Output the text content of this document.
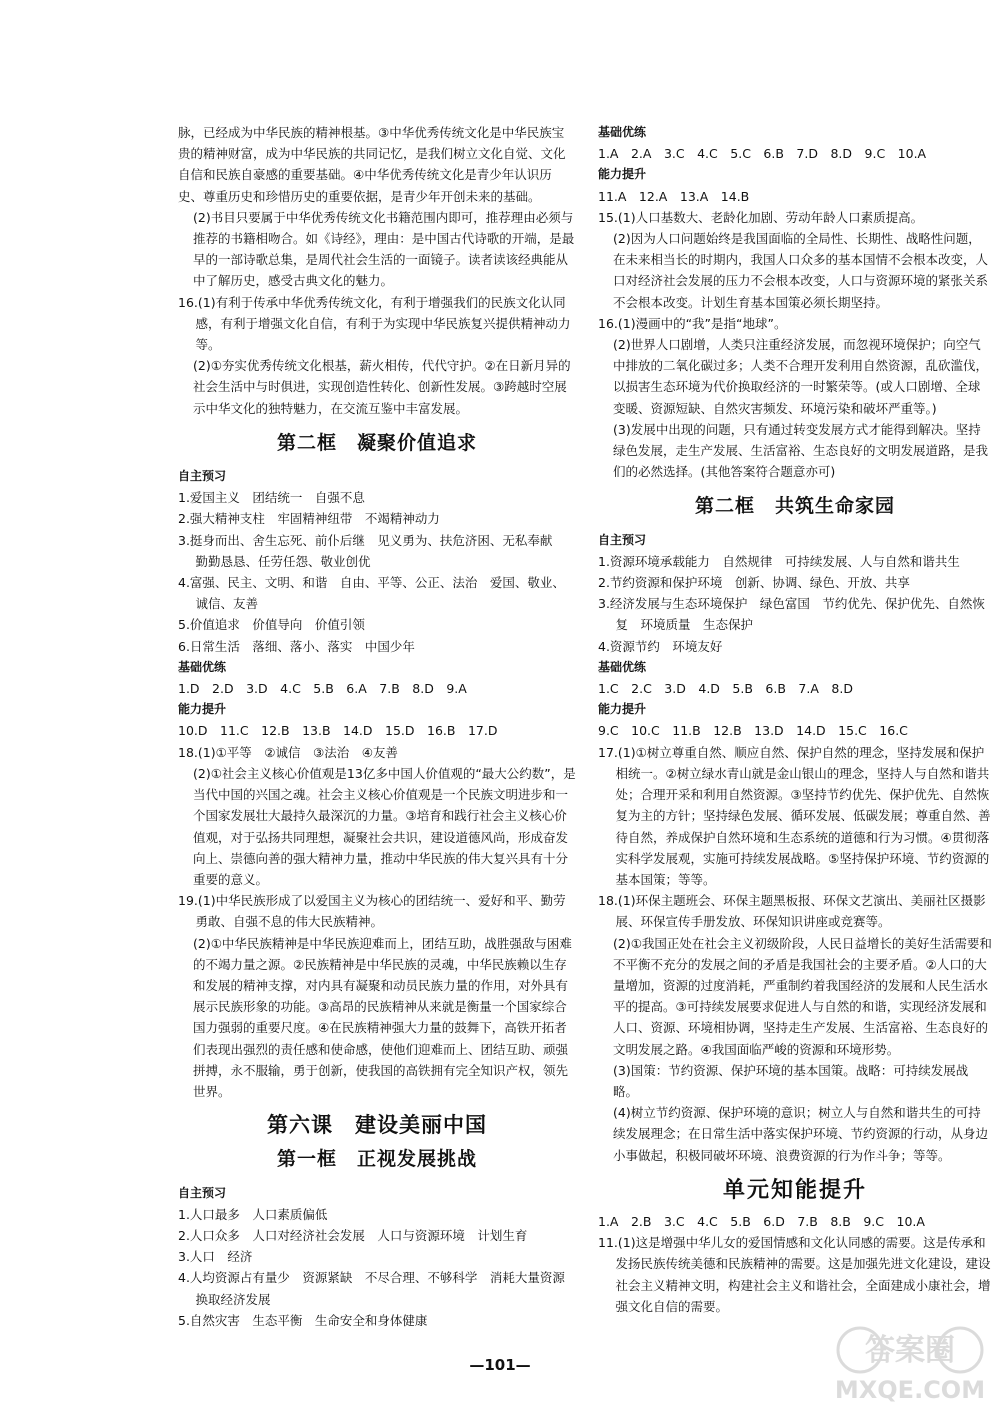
脉，已经成为中华民族的精神根基。③中华优秀传统文化是中华民族宝贵的精神财富，成为中华民族的共同记忆，是我们树立文化自觉、文化自信和民族自豪感的重要基础。④中华优秀传统文化是青少年认识历史、尊重历史和珍惜历史的重要依据，是青少年开创未来的基础。
(2)书目只要属于中华优秀传统文化书籍范围内即可，推荐理由必须与推荐的书籍相吻合。如《诗经》，理由：是中国古代诗歌的开端，是最早的一部诗歌总集，是周代社会生活的一面镜子。读者读该经典能从中了解历史，感受古典文化的魅力。
16.(1)有利于传承中华优秀传统文化，有利于增强我们的民族文化认同感，有利于增强文化自信，有利于为实现中华民族复兴提供精神动力等。
(2)①夯实优秀传统文化根基，薪火相传，代代守护。②在日新月异的社会生活中与时俱进，实现创造性转化、创新性发展。③跨越时空展示中华文化的独特魅力，在交流互鉴中丰富发展。
第二框　凝聚价值追求
自主预习
1.爱国主义　团结统一　自强不息
2.强大精神支柱　牢固精神纽带　不竭精神动力
3.挺身而出、舍生忘死、前仆后继　见义勇为、扶危济困、无私奉献　勤勤恳恳、任劳任怨、敬业创优
4.富强、民主、文明、和谐　自由、平等、公正、法治　爱国、敬业、诚信、友善
5.价值追求　价值导向　价值引领
6.日常生活　落细、落小、落实　中国少年
基础优练
1.D　2.D　3.D　4.C　5.B　6.A　7.B　8.D　9.A
能力提升
10.D　11.C　12.B　13.B　14.D　15.D　16.B　17.D
18.(1)①平等　②诚信　③法治　④友善
(2)①社会主义核心价值观是13亿多中国人价值观的“最大公约数”，是当代中国的兴国之魂。社会主义核心价值观是一个民族文明进步和一个国家发展壮大最持久最深沉的力量。③培育和践行社会主义核心价值观，对于弘扬共同理想，凝聚社会共识，建设道德风尚，形成奋发向上、崇德向善的强大精神力量，推动中华民族的伟大复兴具有十分重要的意义。
19.(1)中华民族形成了以爱国主义为核心的团结统一、爱好和平、勤劳勇敢、自强不息的伟大民族精神。
(2)①中华民族精神是中华民族迎难而上，团结互助，战胜强敌与困难的不竭力量之源。②民族精神是中华民族的灵魂，中华民族赖以生存和发展的精神支撑，对内具有凝聚和动员民族力量的作用，对外具有展示民族形象的功能。③高昂的民族精神从来就是衡量一个国家综合国力强弱的重要尺度。④在民族精神强大力量的鼓舞下，高铁开拓者们表现出强烈的责任感和使命感，使他们迎难而上、团结互助、顽强拼搏，永不服输，勇于创新，使我国的高铁拥有完全知识产权，领先世界。
第六课　建设美丽中国
第一框　正视发展挑战
自主预习
1.人口最多　人口素质偏低
2.人口众多　人口对经济社会发展　人口与资源环境　计划生育
3.人口　经济
4.人均资源占有量少　资源紧缺　不尽合理、不够科学　消耗大量资源换取经济发展
5.自然灾害　生态平衡　生命安全和身体健康
基础优练
1.A　2.A　3.C　4.C　5.C　6.B　7.D　8.D　9.C　10.A
能力提升
11.A　12.A　13.A　14.B
15.(1)人口基数大、老龄化加剧、劳动年龄人口素质提高。
(2)因为人口问题始终是我国面临的全局性、长期性、战略性问题，在未来相当长的时期内，我国人口众多的基本国情不会根本改变，人口对经济社会发展的压力不会根本改变，人口与资源环境的紧张关系不会根本改变。计划生育基本国策必须长期坚持。
16.(1)漫画中的“我”是指“地球”。
(2)世界人口剧增，人类只注重经济发展，而忽视环境保护；向空气中排放的二氧化碳过多；人类不合理开发利用自然资源，乱砍滥伐，以损害生态环境为代价换取经济的一时繁荣等。(或人口剧增、全球变暖、资源短缺、自然灾害频发、环境污染和破坏严重等。)
(3)发展中出现的问题，只有通过转变发展方式才能得到解决。坚持绿色发展，走生产发展、生活富裕、生态良好的文明发展道路，是我们的必然选择。(其他答案符合题意亦可)
第二框　共筑生命家园
自主预习
1.资源环境承载能力　自然规律　可持续发展、人与自然和谐共生
2.节约资源和保护环境　创新、协调、绿色、开放、共享
3.经济发展与生态环境保护　绿色富国　节约优先、保护优先、自然恢复　环境质量　生态保护
4.资源节约　环境友好
基础优练
1.C　2.C　3.D　4.D　5.B　6.B　7.A　8.D
能力提升
9.C　10.C　11.B　12.B　13.D　14.D　15.C　16.C
17.(1)①树立尊重自然、顺应自然、保护自然的理念，坚持发展和保护相统一。②树立绿水青山就是金山银山的理念，坚持人与自然和谐共处；合理开采和利用自然资源。③坚持节约优先、保护优先、自然恢复为主的方针；坚持绿色发展、循环发展、低碳发展；尊重自然、善待自然，养成保护自然环境和生态系统的道德和行为习惯。④贯彻落实科学发展观，实施可持续发展战略。⑤坚持保护环境、节约资源的基本国策；等等。
18.(1)环保主题班会、环保主题黑板报、环保文艺演出、美丽社区摄影展、环保宣传手册发放、环保知识讲座或竞赛等。
(2)①我国正处在社会主义初级阶段，人民日益增长的美好生活需要和不平衡不充分的发展之间的矛盾是我国社会的主要矛盾。②人口的大量增加，资源的过度消耗，严重制约着我国经济的发展和人民生活水平的提高。③可持续发展要求促进人与自然的和谐，实现经济发展和人口、资源、环境相协调，坚持走生产发展、生活富裕、生态良好的文明发展之路。④我国面临严峻的资源和环境形势。
(3)国策：节约资源、保护环境的基本国策。战略：可持续发展战略。
(4)树立节约资源、保护环境的意识；树立人与自然和谐共生的可持续发展理念；在日常生活中落实保护环境、节约资源的行动，从身边小事做起，积极同破坏环境、浪费资源的行为作斗争；等等。
单元知能提升
1.A　2.B　3.C　4.C　5.B　6.D　7.B　8.B　9.C　10.A
11.(1)这是增强中华儿女的爱国情感和文化认同感的需要。这是传承和发扬民族传统美德和民族精神的需要。这是加强先进文化建设，建设社会主义精神文明，构建社会主义和谐社会，全面建成小康社会，增强文化自信的需要。
—101—	答案圈
MXQE.COM
